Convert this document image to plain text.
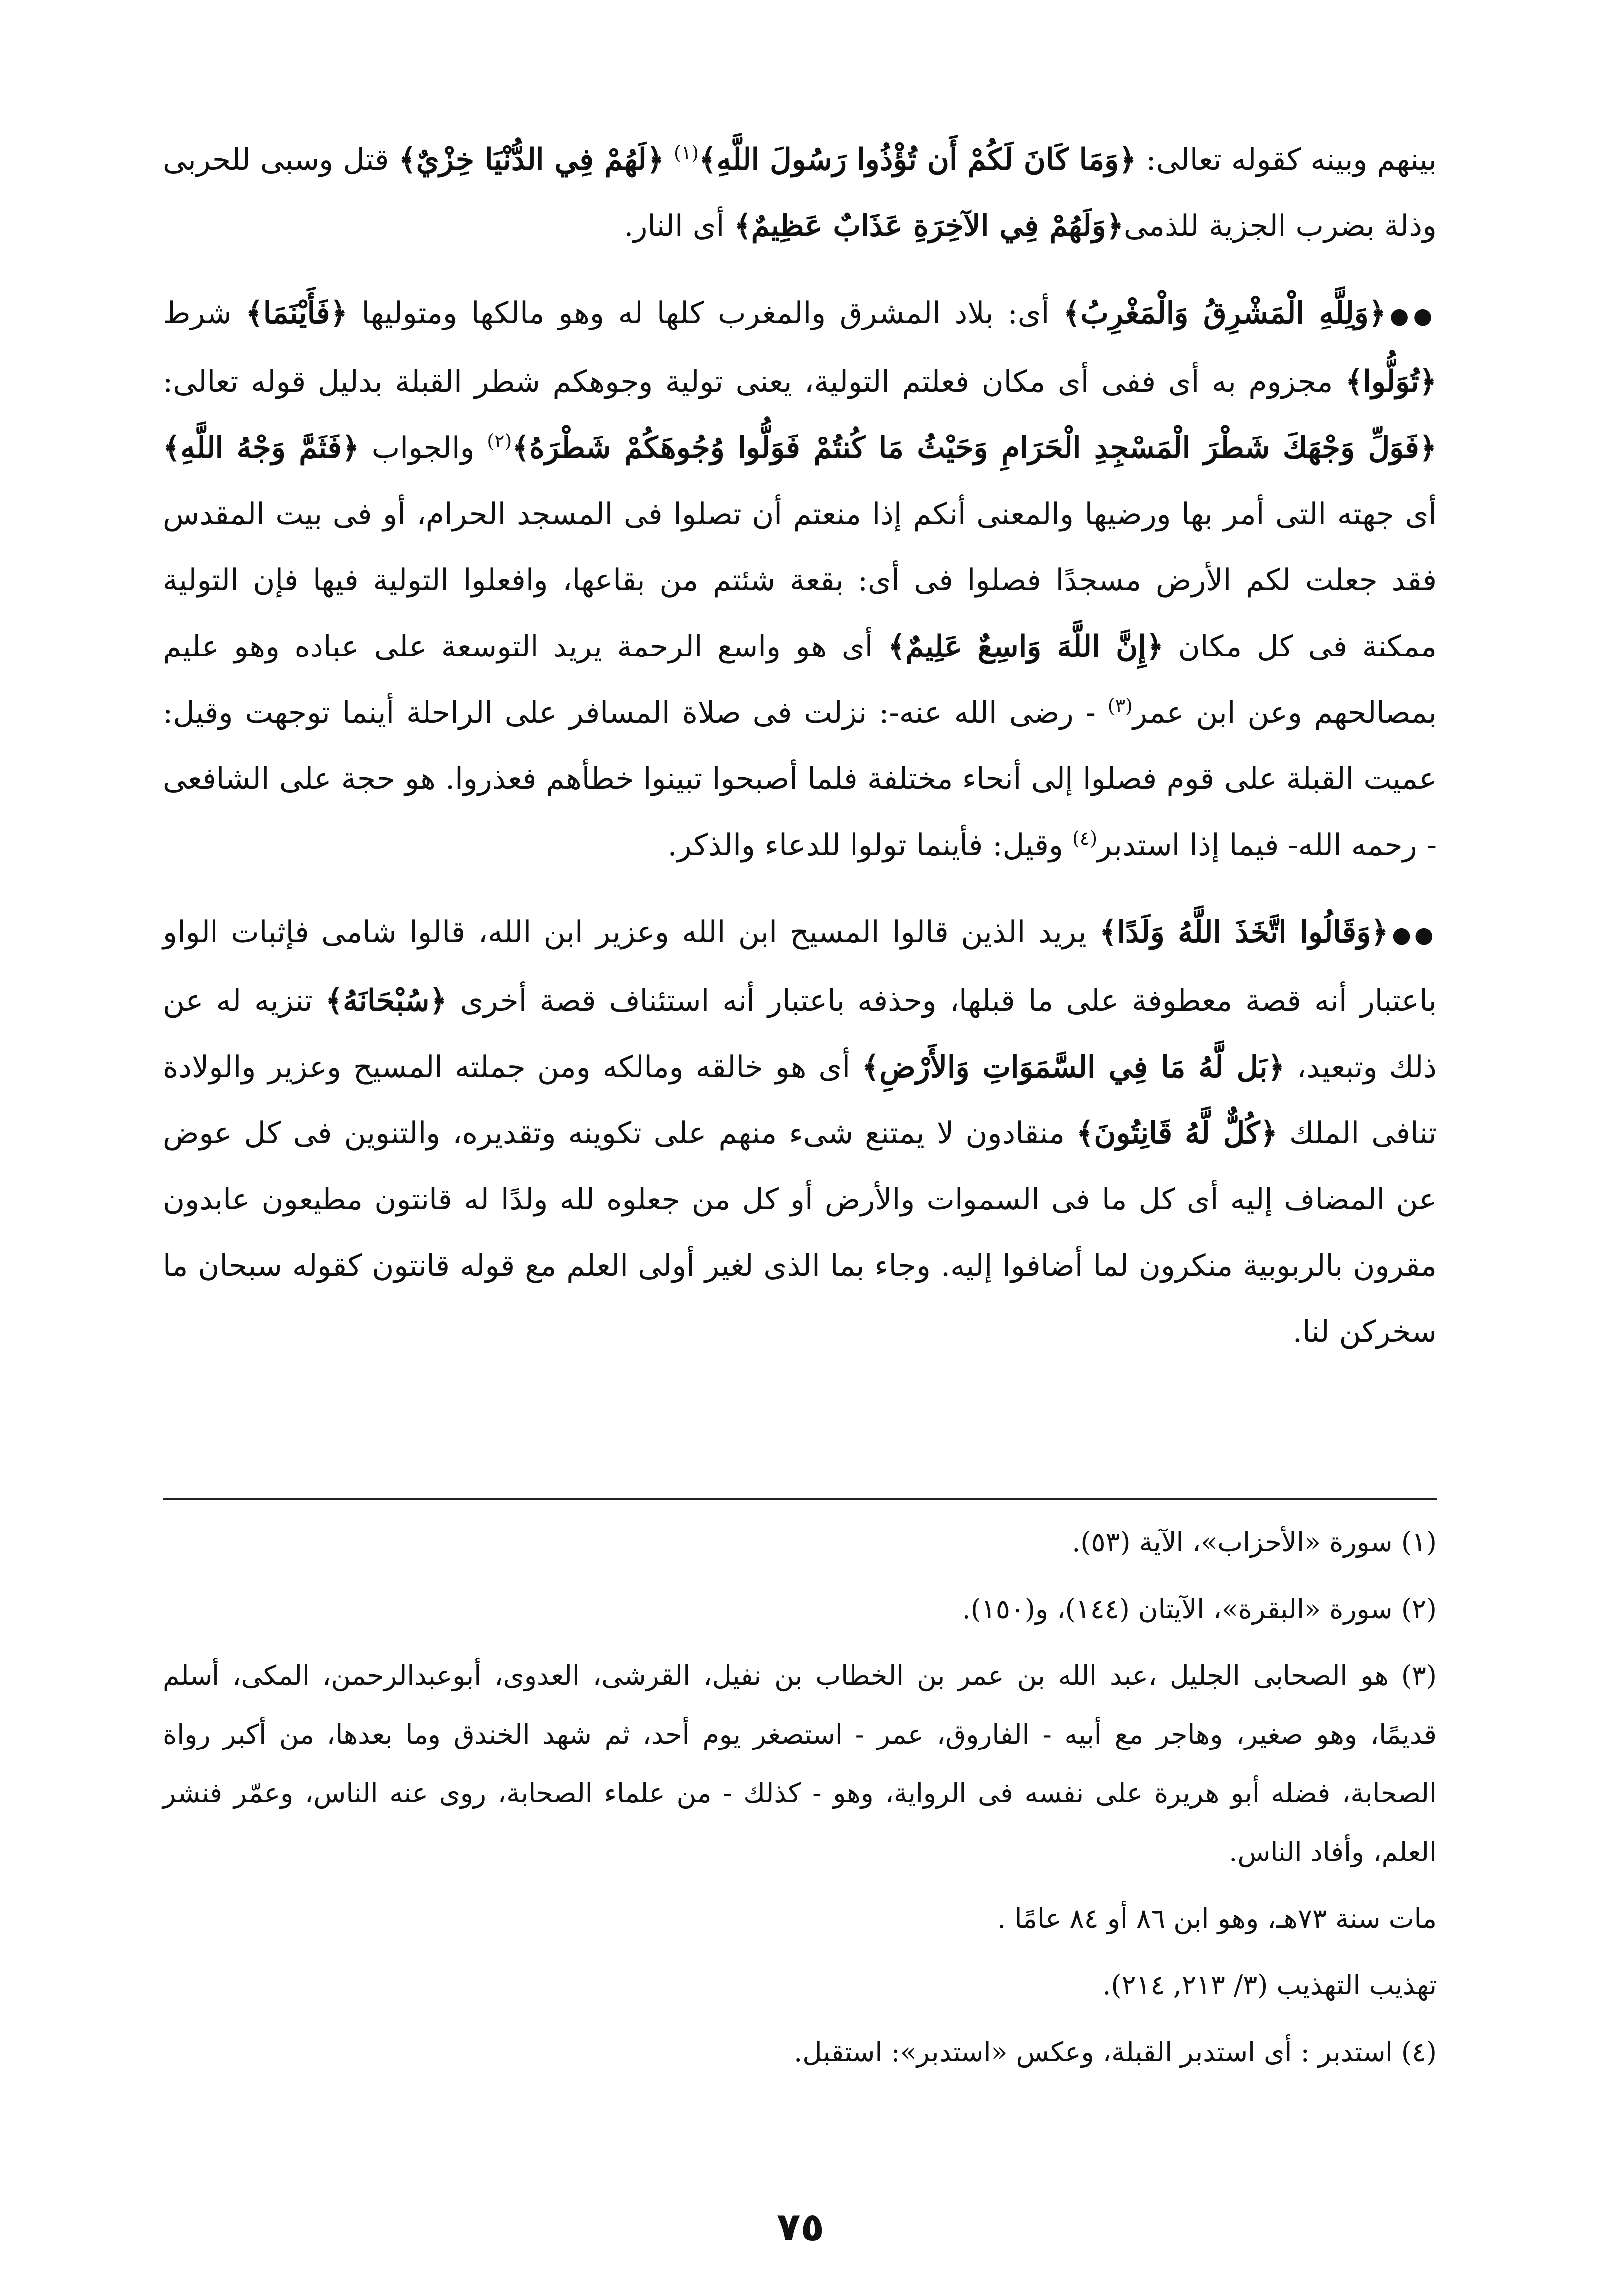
بينهم وبينه كقوله تعالى: ﴿وَمَا كَانَ لَكُمْ أَن تُؤْذُوا رَسُولَ اللَّهِ﴾$^{(١)}$ ﴿لَهُمْ فِي الدُّنْيَا خِزْيٌ﴾ قتل وسبى للحربى وذلة بضرب الجزية للذمى﴿وَلَهُمْ فِي الآخِرَةِ عَذَابٌ عَظِيمٌ﴾ أى النار.

●●﴿وَلِلَّهِ الْمَشْرِقُ وَالْمَغْرِبُ﴾ أى: بلاد المشرق والمغرب كلها له وهو مالكها ومتوليها ﴿فَأَيْنَمَا﴾ شرط ﴿تُوَلُّوا﴾ مجزوم به أى ففى أى مكان فعلتم التولية، يعنى تولية وجوهكم شطر القبلة بدليل قوله تعالى: ﴿فَوَلِّ وَجْهَكَ شَطْرَ الْمَسْجِدِ الْحَرَامِ وَحَيْثُ مَا كُنتُمْ فَوَلُّوا وُجُوهَكُمْ شَطْرَهُ﴾$^{(٢)}$ والجواب ﴿فَثَمَّ وَجْهُ اللَّهِ﴾ أى جهته التى أمر بها ورضيها والمعنى أنكم إذا منعتم أن تصلوا فى المسجد الحرام، أو فى بيت المقدس فقد جعلت لكم الأرض مسجدًا فصلوا فى أى: بقعة شئتم من بقاعها، وافعلوا التولية فيها فإن التولية ممكنة فى كل مكان ﴿إِنَّ اللَّهَ وَاسِعٌ عَلِيمٌ﴾ أى هو واسع الرحمة يريد التوسعة على عباده وهو عليم بمصالحهم وعن ابن عمر$^{(٣)}$ - رضى الله عنه-: نزلت فى صلاة المسافر على الراحلة أينما توجهت وقيل: عميت القبلة على قوم فصلوا إلى أنحاء مختلفة فلما أصبحوا تبينوا خطأهم فعذروا. هو حجة على الشافعى - رحمه الله- فيما إذا استدبر$^{(٤)}$ وقيل: فأينما تولوا للدعاء والذكر.

●●﴿وَقَالُوا اتَّخَذَ اللَّهُ وَلَدًا﴾ يريد الذين قالوا المسيح ابن الله وعزير ابن الله، قالوا شامى فإثبات الواو باعتبار أنه قصة معطوفة على ما قبلها، وحذفه باعتبار أنه استئناف قصة أخرى ﴿سُبْحَانَهُ﴾ تنزيه له عن ذلك وتبعيد، ﴿بَل لَّهُ مَا فِي السَّمَوَاتِ وَالأَرْضِ﴾ أى هو خالقه ومالكه ومن جملته المسيح وعزير والولادة تنافى الملك ﴿كُلٌّ لَّهُ قَانِتُونَ﴾ منقادون لا يمتنع شىء منهم على تكوينه وتقديره، والتنوين فى كل عوض عن المضاف إليه أى كل ما فى السموات والأرض أو كل من جعلوه لله ولدًا له قانتون مطيعون عابدون مقرون بالربوبية منكرون لما أضافوا إليه. وجاء بما الذى لغير أولى العلم مع قوله قانتون كقوله سبحان ما سخركن لنا.

(١) سورة «الأحزاب»، الآية (٥٣).

(٢) سورة «البقرة»، الآيتان (١٤٤)، و(١٥٠).

(٣) هو الصحابى الجليل ،عبد الله بن عمر بن الخطاب بن نفيل، القرشى، العدوى، أبوعبدالرحمن، المكى، أسلم قديمًا، وهو صغير، وهاجر مع أبيه - الفاروق، عمر - استصغر يوم أحد، ثم شهد الخندق وما بعدها، من أكبر رواة الصحابة، فضله أبو هريرة على نفسه فى الرواية، وهو - كذلك - من علماء الصحابة، روى عنه الناس، وعمّر فنشر العلم، وأفاد الناس.

مات سنة ٧٣هـ، وهو ابن ٨٦ أو ٨٤ عامًا .

تهذيب التهذيب (٣/ ٢١٣, ٢١٤).

(٤) استدبر : أى استدبر القبلة، وعكس «استدبر»: استقبل.

٧٥
